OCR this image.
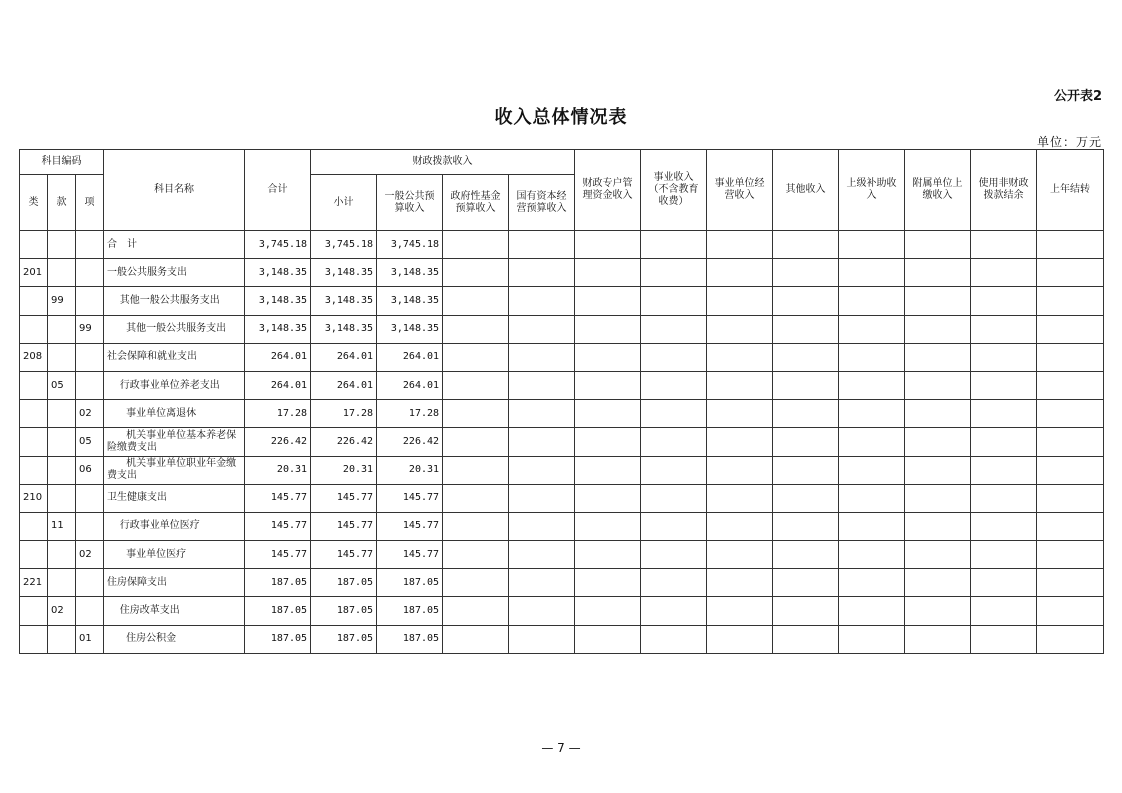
公开表2
收入总体情况表
单位：万元
科目编码			科目名称	合计	财政拨款收入				财政专户管理资金收入	事业收入（不含教育收费）	事业单位经营收入	其他收入	上级补助收入	附属单位上缴收入	使用非财政拨款结余	上年结转
类	款	项			小计	一般公共预算收入	政府性基金预算收入	国有资本经营预算收入								
			合　计	3,745.18	3,745.18	3,745.18										
201			一般公共服务支出	3,148.35	3,148.35	3,148.35										
	99		其他一般公共服务支出	3,148.35	3,148.35	3,148.35										
		99	其他一般公共服务支出	3,148.35	3,148.35	3,148.35										
208			社会保障和就业支出	264.01	264.01	264.01										
	05		行政事业单位养老支出	264.01	264.01	264.01										
		02	事业单位离退休	17.28	17.28	17.28										
		05	机关事业单位基本养老保险缴费支出	226.42	226.42	226.42										
		06	机关事业单位职业年金缴费支出	20.31	20.31	20.31										
210			卫生健康支出	145.77	145.77	145.77										
	11		行政事业单位医疗	145.77	145.77	145.77										
		02	事业单位医疗	145.77	145.77	145.77										
221			住房保障支出	187.05	187.05	187.05										
	02		住房改革支出	187.05	187.05	187.05										
		01	住房公积金	187.05	187.05	187.05										
— 7 —
